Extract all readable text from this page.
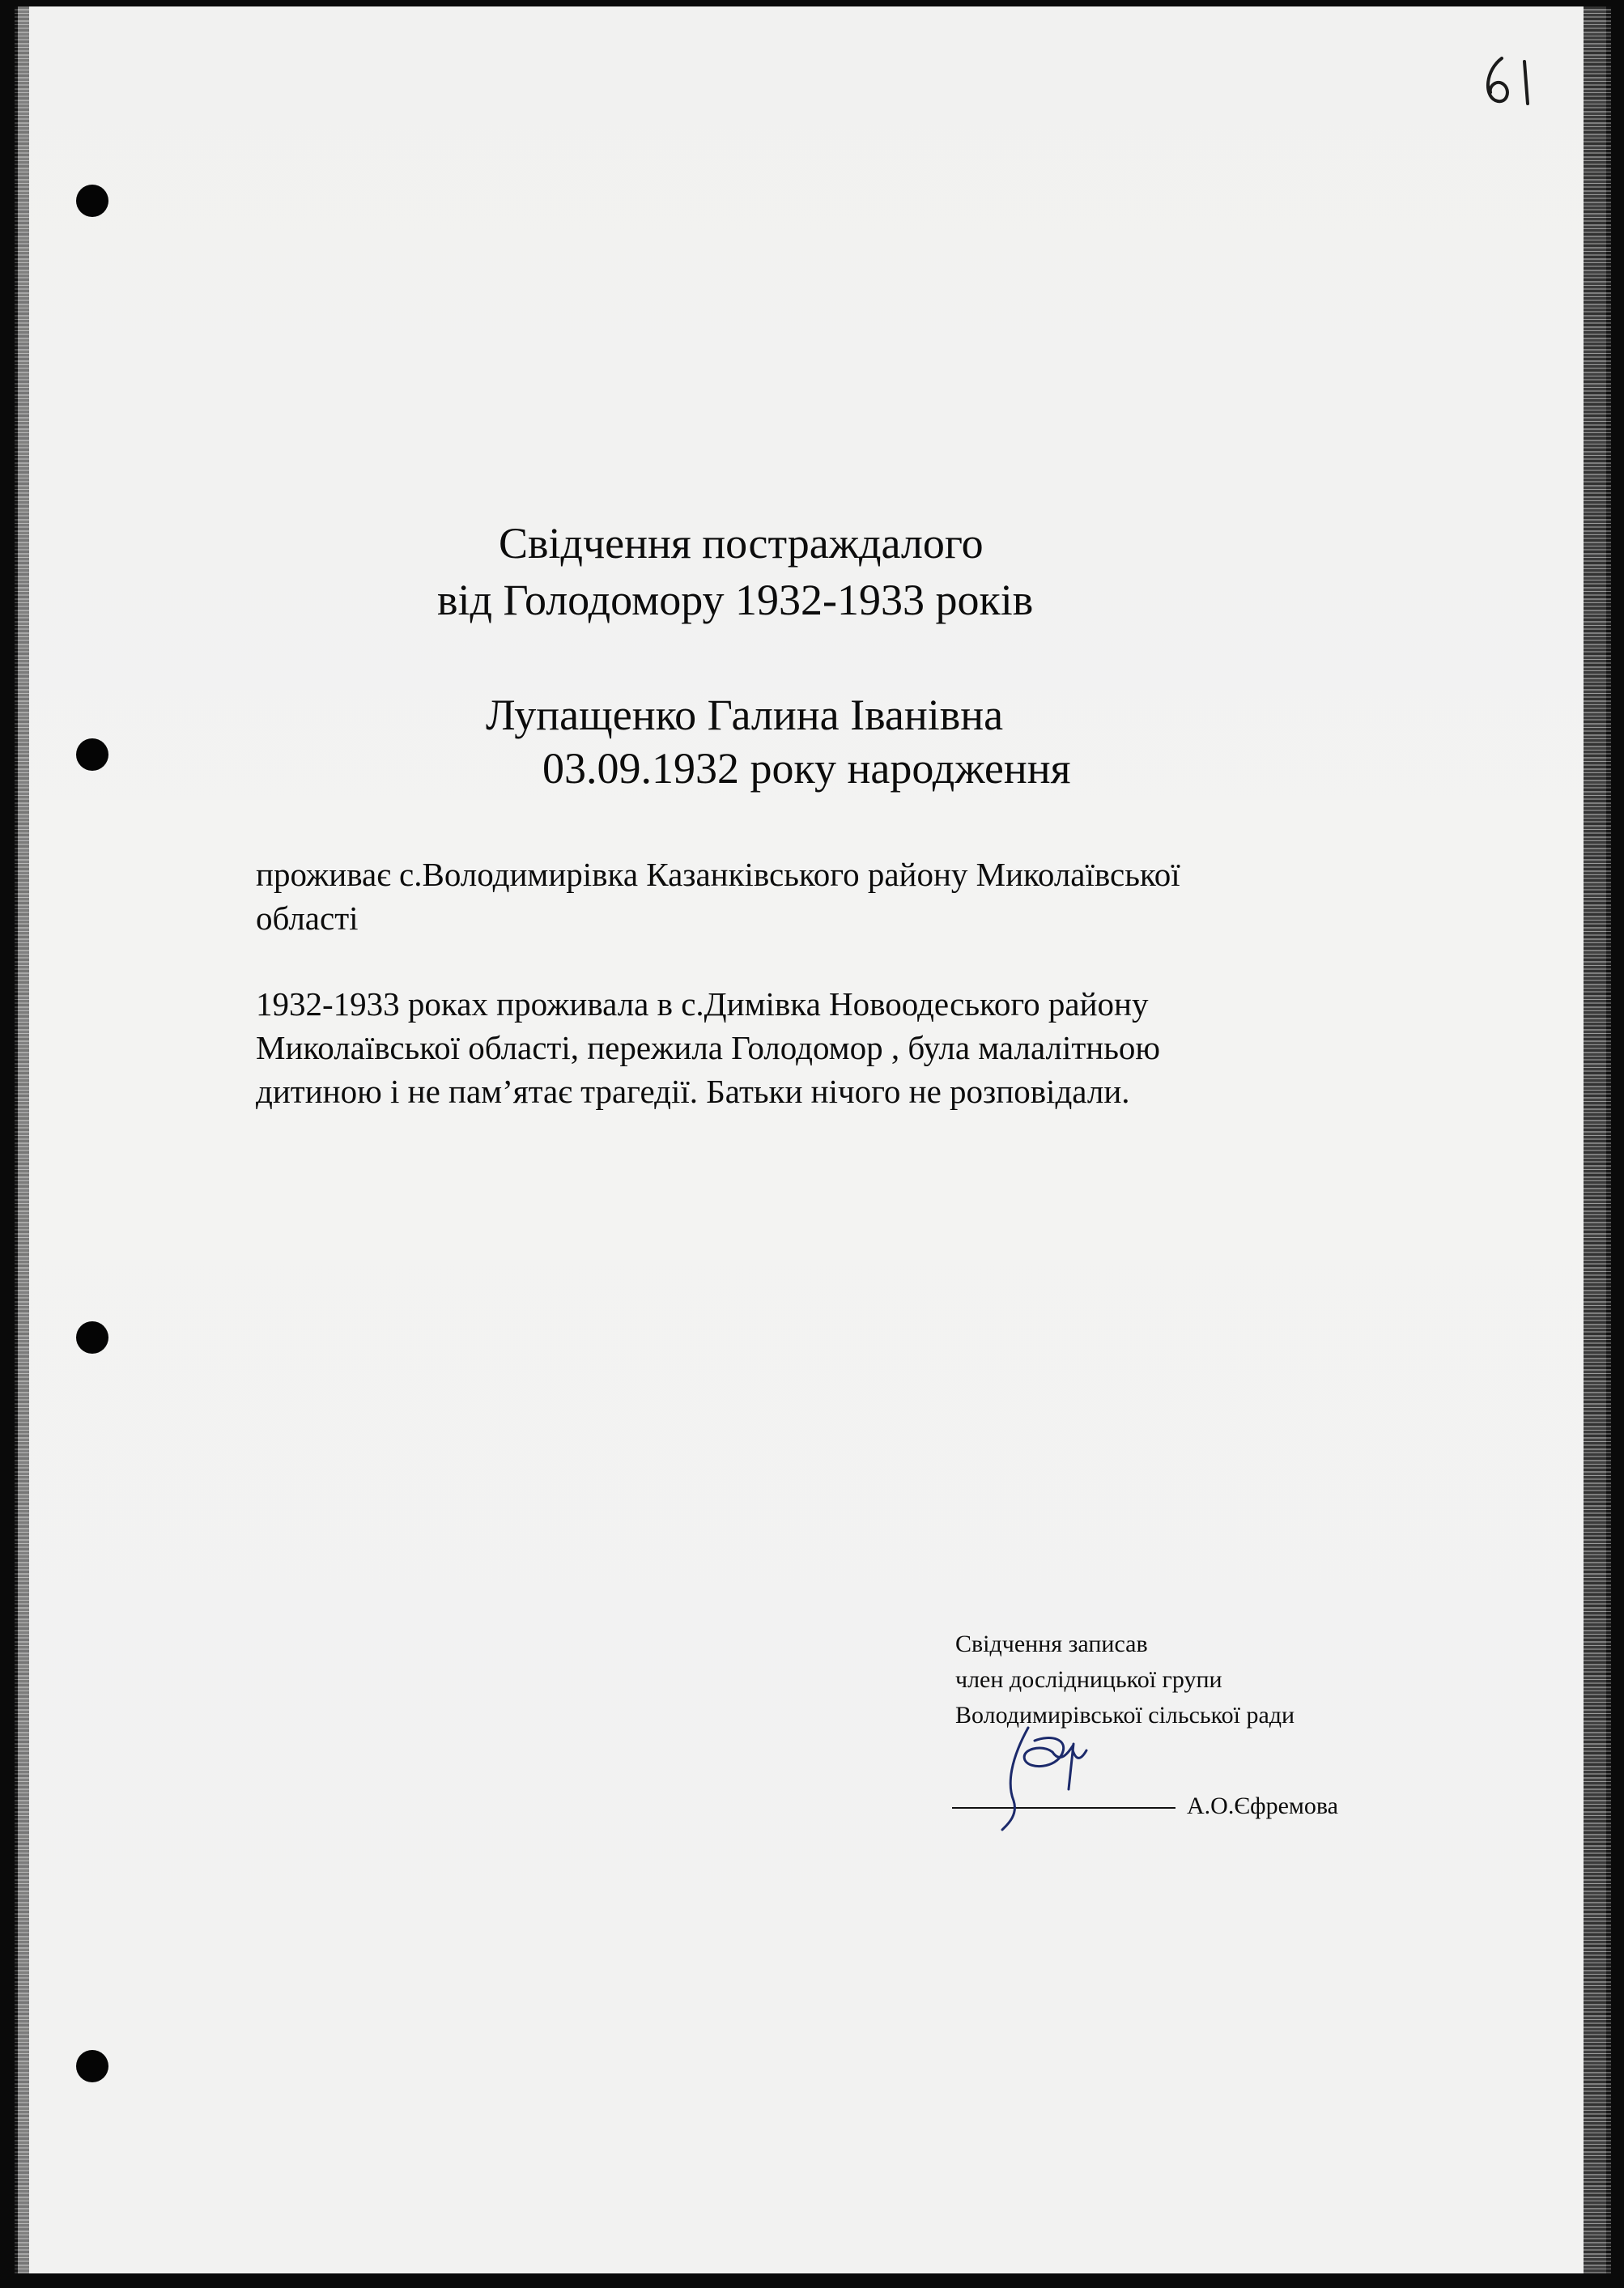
Свідчення постраждалого
від Голодомору 1932-1933 років
Лупащенко Галина Іванівна
03.09.1932 року народження
проживає с.Володимирівка Казанківського району Миколаївської
області
1932-1933 роках проживала в с.Димівка Новоодеського району
Миколаївської області, пережила Голодомор , була малалітньою
дитиною і не пам’ятає трагедії. Батьки нічого не розповідали.
Свідчення записав
член дослідницької групи
Володимирівської сільської ради
А.О.Єфремова
